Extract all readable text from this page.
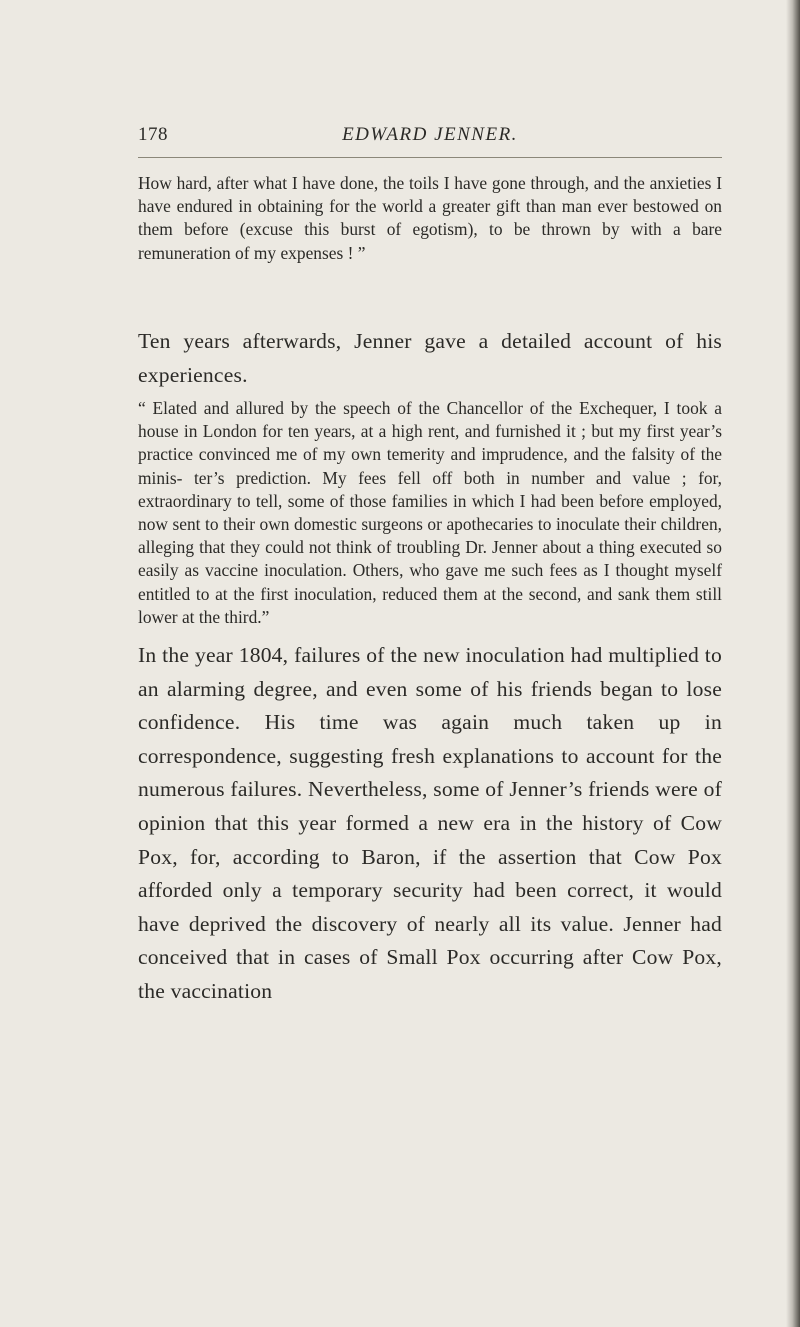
178	EDWARD JENNER.

How hard, after what I have done, the toils I have gone through, and the anxieties I have endured in obtaining for the world a greater gift than man ever bestowed on them before (excuse this burst of egotism), to be thrown by with a bare remuneration of my expenses ! ”

Ten years afterwards, Jenner gave a detailed account of his experiences.

“ Elated and allured by the speech of the Chancellor of the Exchequer, I took a house in London for ten years, at a high rent, and furnished it ; but my first year’s practice convinced me of my own temerity and imprudence, and the falsity of the minis- ter’s prediction. My fees fell off both in number and value ; for, extraordinary to tell, some of those families in which I had been before employed, now sent to their own domestic surgeons or apothecaries to inoculate their children, alleging that they could not think of troubling Dr. Jenner about a thing executed so easily as vaccine inoculation. Others, who gave me such fees as I thought myself entitled to at the first inoculation, reduced them at the second, and sank them still lower at the third.”

In the year 1804, failures of the new inoculation had multiplied to an alarming degree, and even some of his friends began to lose confidence. His time was again much taken up in correspondence, suggesting fresh explanations to account for the numerous failures. Nevertheless, some of Jenner’s friends were of opinion that this year formed a new era in the history of Cow Pox, for, according to Baron, if the assertion that Cow Pox afforded only a temporary security had been correct, it would have deprived the discovery of nearly all its value. Jenner had conceived that in cases of Small Pox occurring after Cow Pox, the vaccination
